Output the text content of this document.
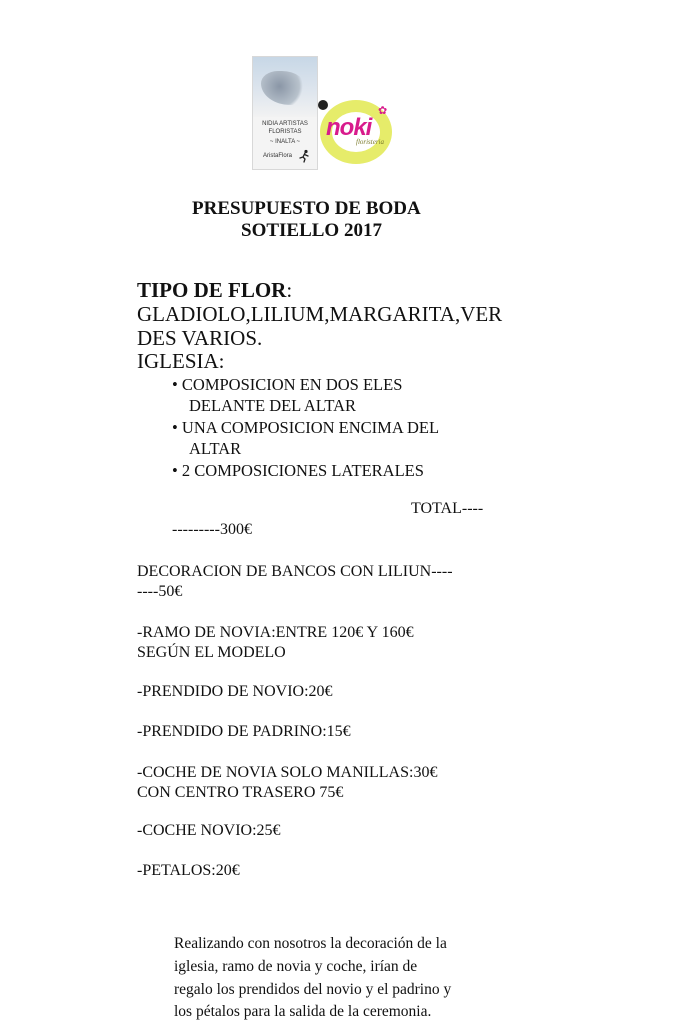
NIDIA ARTISTAS
FLORISTAS
~ INALTA ~
AristaFlora
noki
✿
floristeria
PRESUPUESTO DE BODA
SOTIELLO 2017
TIPO DE FLOR:
GLADIOLO,LILIUM,MARGARITA,VER
DES VARIOS.
IGLESIA:
• COMPOSICION EN DOS ELES
DELANTE DEL ALTAR
• UNA COMPOSICION ENCIMA DEL
ALTAR
• 2 COMPOSICIONES LATERALES
TOTAL----
---------300€
DECORACION DE BANCOS CON LILIUN----
----50€
-RAMO DE NOVIA:ENTRE 120€ Y 160€
SEGÚN EL MODELO
-PRENDIDO DE NOVIO:20€
-PRENDIDO DE PADRINO:15€
-COCHE DE NOVIA SOLO MANILLAS:30€
CON CENTRO TRASERO 75€
-COCHE NOVIO:25€
-PETALOS:20€
Realizando con nosotros la decoración de la
iglesia, ramo de novia y coche, irían de
regalo los prendidos del novio y el padrino y
los pétalos para la salida de la ceremonia.
